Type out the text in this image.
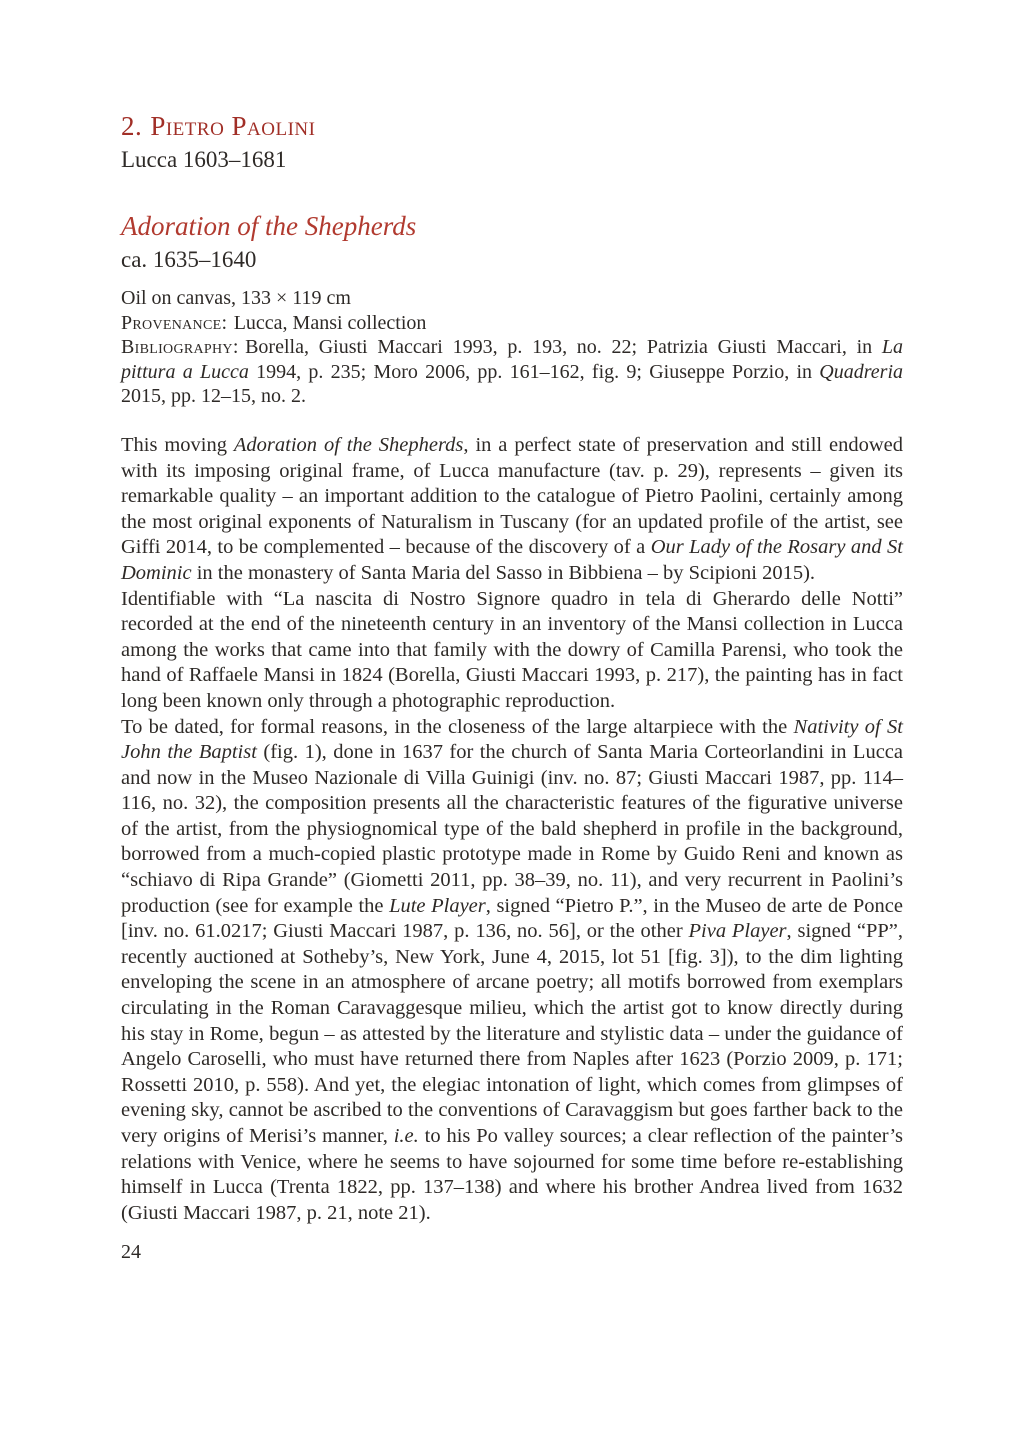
2. Pietro Paolini

Lucca 1603–1681

Adoration of the Shepherds

ca. 1635–1640

Oil on canvas, 133 × 119 cm

Provenance: Lucca, Mansi collection

Bibliography: Borella, Giusti Maccari 1993, p. 193, no. 22; Patrizia Giusti Maccari, in La pittura a Lucca 1994, p. 235; Moro 2006, pp. 161–162, fig. 9; Giuseppe Porzio, in Quadreria 2015, pp. 12–15, no. 2.

This moving Adoration of the Shepherds, in a perfect state of preservation and still endowed with its imposing original frame, of Lucca manufacture (tav. p. 29), represents – given its remarkable quality – an important addition to the catalogue of Pietro Paolini, certainly among the most original exponents of Naturalism in Tuscany (for an updated profile of the artist, see Giffi 2014, to be complemented – because of the discovery of a Our Lady of the Rosary and St Dominic in the monastery of Santa Maria del Sasso in Bibbiena – by Scipioni 2015).

Identifiable with “La nascita di Nostro Signore quadro in tela di Gherardo delle Notti” recorded at the end of the nineteenth century in an inventory of the Mansi collection in Lucca among the works that came into that family with the dowry of Camilla Parensi, who took the hand of Raffaele Mansi in 1824 (Borella, Giusti Maccari 1993, p. 217), the painting has in fact long been known only through a photographic reproduction.

To be dated, for formal reasons, in the closeness of the large altarpiece with the Nativity of St John the Baptist (fig. 1), done in 1637 for the church of Santa Maria Corteorlandini in Lucca and now in the Museo Nazionale di Villa Guinigi (inv. no. 87; Giusti Maccari 1987, pp. 114–116, no. 32), the composition presents all the characteristic features of the figurative universe of the artist, from the physiognomical type of the bald shepherd in profile in the background, borrowed from a much-copied plastic prototype made in Rome by Guido Reni and known as “schiavo di Ripa Grande” (Giometti 2011, pp. 38–39, no. 11), and very recurrent in Paolini’s production (see for example the Lute Player, signed “Pietro P.”, in the Museo de arte de Ponce [inv. no. 61.0217; Giusti Maccari 1987, p. 136, no. 56], or the other Piva Player, signed “PP”, recently auctioned at Sotheby’s, New York, June 4, 2015, lot 51 [fig. 3]), to the dim lighting enveloping the scene in an atmosphere of arcane poetry; all motifs borrowed from exemplars circulating in the Roman Caravaggesque milieu, which the artist got to know directly during his stay in Rome, begun – as attested by the literature and stylistic data – under the guidance of Angelo Caroselli, who must have returned there from Naples after 1623 (Porzio 2009, p. 171; Rossetti 2010, p. 558). And yet, the elegiac intonation of light, which comes from glimpses of evening sky, cannot be ascribed to the conventions of Caravaggism but goes farther back to the very origins of Merisi’s manner, i.e. to his Po valley sources; a clear reflection of the painter’s relations with Venice, where he seems to have sojourned for some time before re-establishing himself in Lucca (Trenta 1822, pp. 137–138) and where his brother Andrea lived from 1632 (Giusti Maccari 1987, p. 21, note 21).

24
